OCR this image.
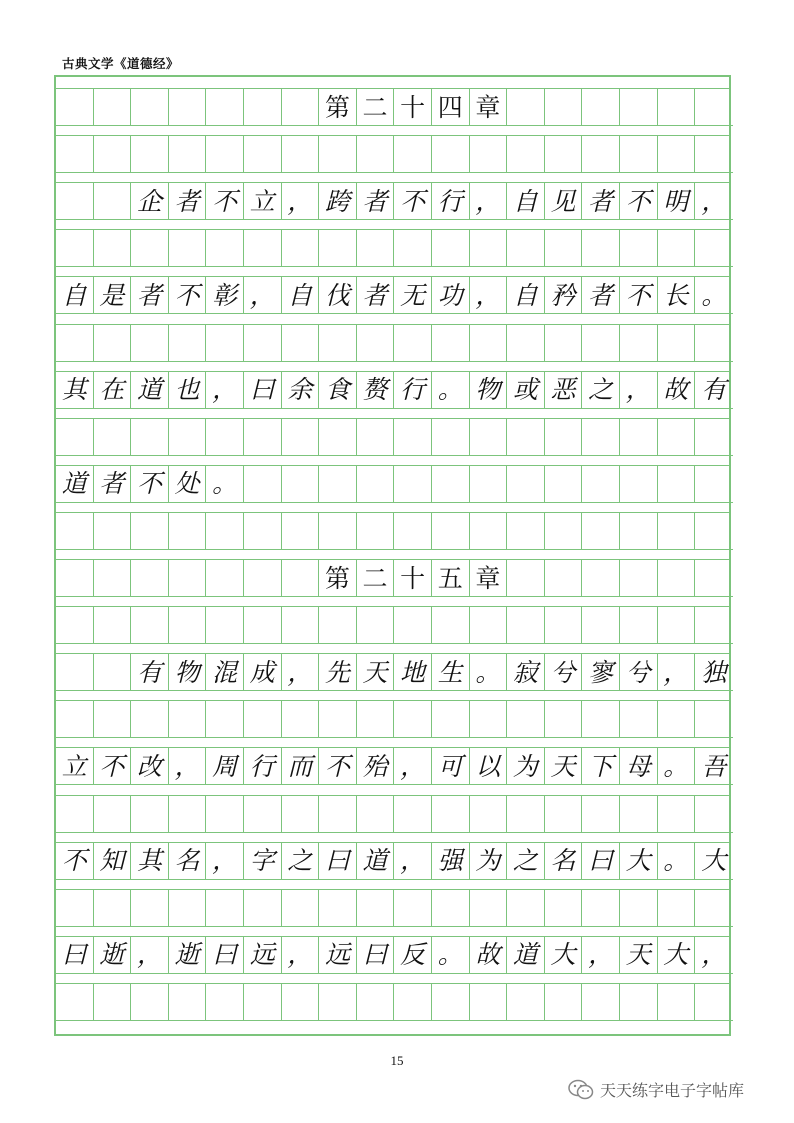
古典文学《道德经》
第 二 十 四 章
企 者 不 立 ， 跨 者 不 行 ， 自 见 者 不 明 ，
自 是 者 不 彰 ， 自 伐 者 无 功 ， 自 矜 者 不 长 。
其 在 道 也 ， 曰 余 食 赘 行 。 物 或 恶 之 ， 故 有
道 者 不 处 。
第 二 十 五 章
有 物 混 成 ， 先 天 地 生 。 寂 兮 寥 兮 ， 独
立 不 改 ， 周 行 而 不 殆 ， 可 以 为 天 下 母 。 吾
不 知 其 名 ， 字 之 曰 道 ， 强 为 之 名 曰 大 。 大
曰 逝 ， 逝 曰 远 ， 远 曰 反 。 故 道 大 ， 天 大 ，
15
天天练字电子字帖库
